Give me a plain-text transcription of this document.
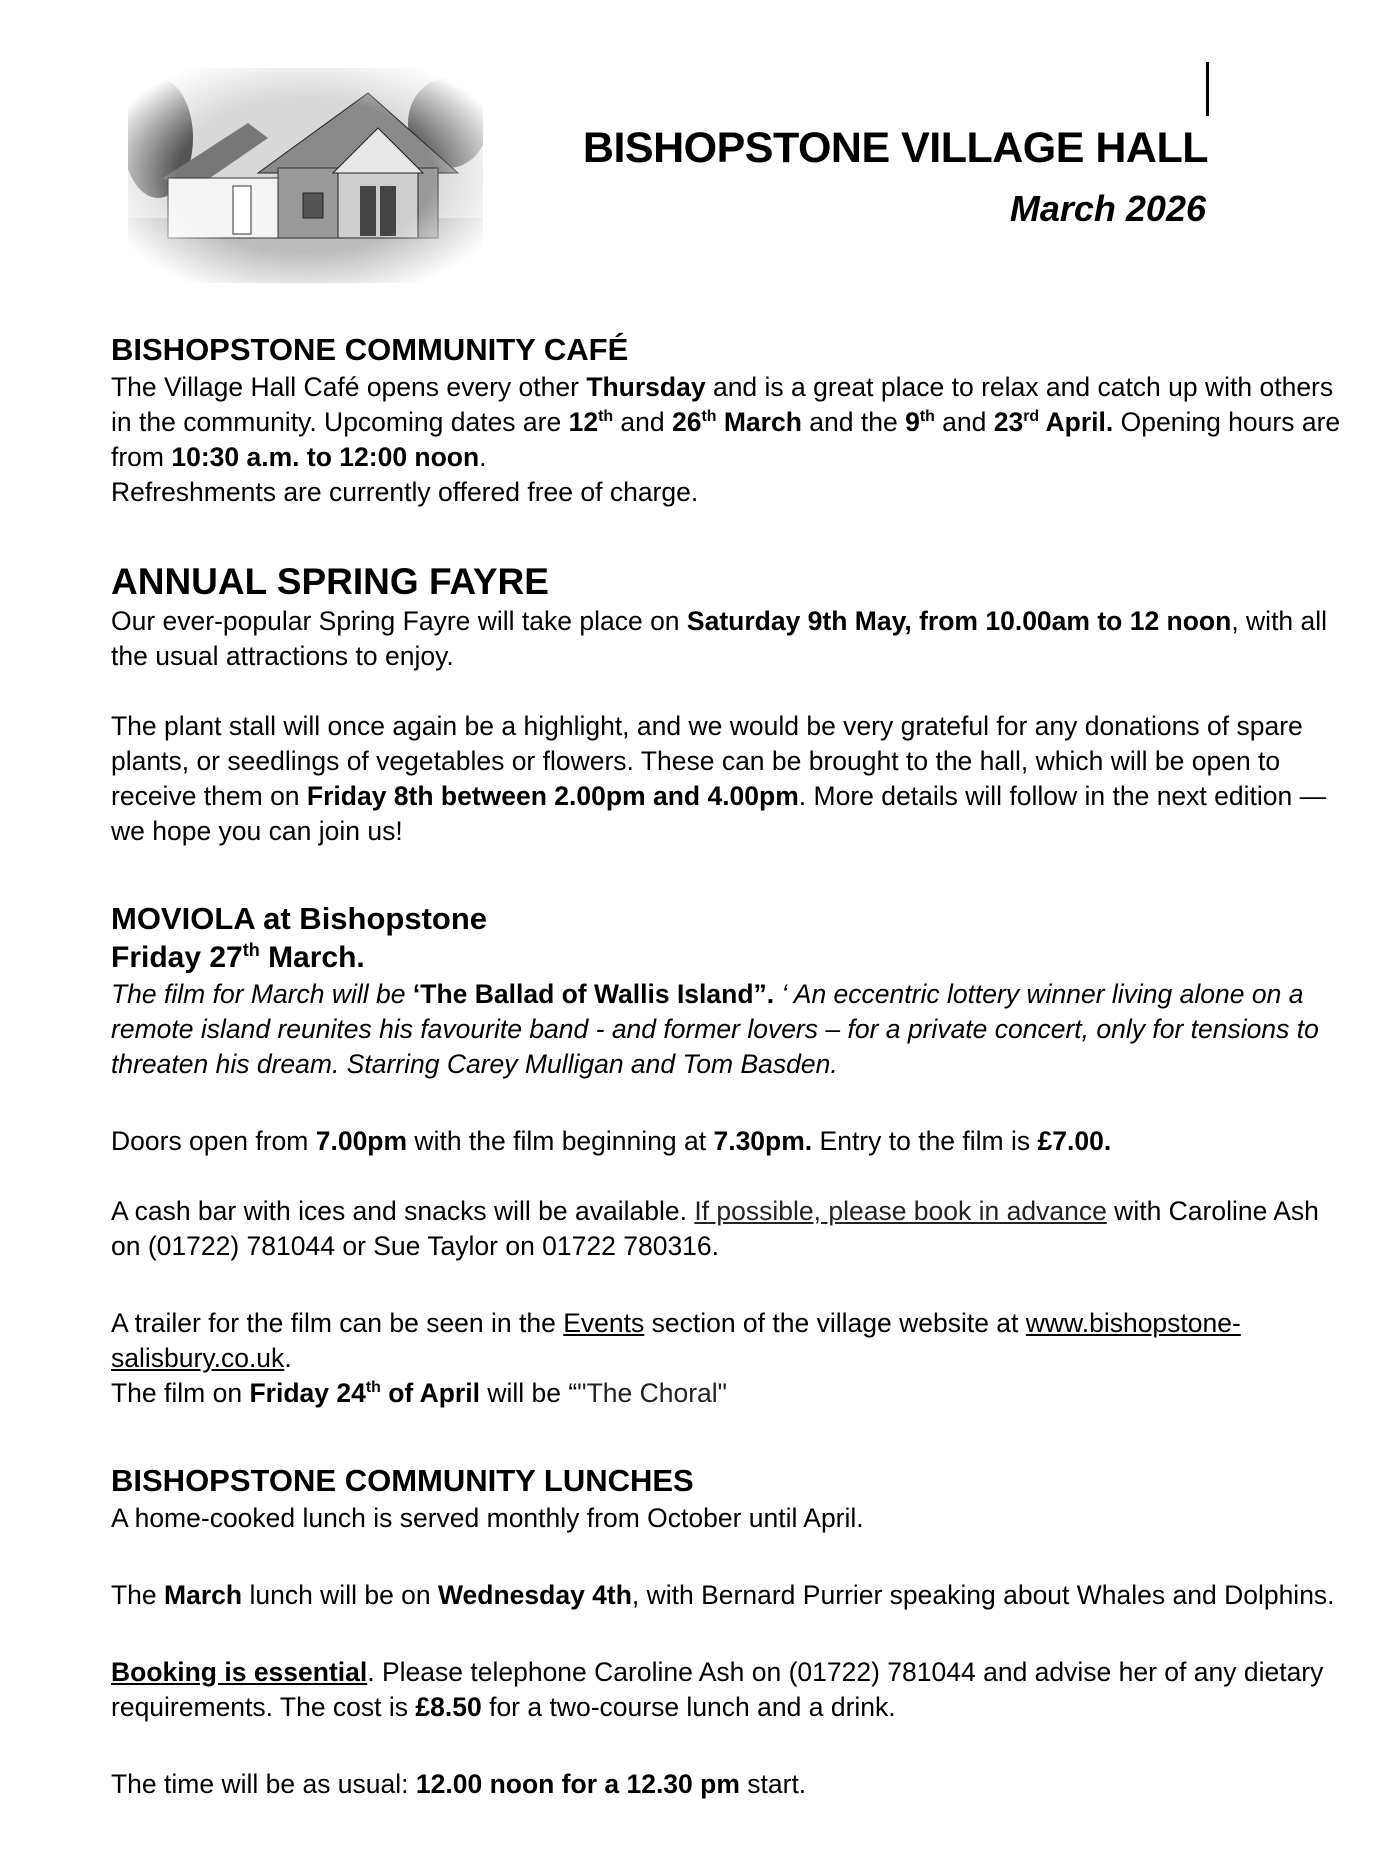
BISHOPSTONE VILLAGE HALL
March 2026
BISHOPSTONE COMMUNITY CAFÉ

The Village Hall Café opens every other Thursday and is a great place to relax and catch up with others in the community. Upcoming dates are 12th and 26th March and the 9th and 23rd April. Opening hours are from 10:30 a.m. to 12:00 noon.

Refreshments are currently offered free of charge.

ANNUAL SPRING FAYRE

Our ever-popular Spring Fayre will take place on Saturday 9th May, from 10.00am to 12 noon, with all the usual attractions to enjoy.

The plant stall will once again be a highlight, and we would be very grateful for any donations of spare plants, or seedlings of vegetables or flowers. These can be brought to the hall, which will be open to receive them on Friday 8th between 2.00pm and 4.00pm. More details will follow in the next edition — we hope you can join us!

MOVIOLA at Bishopstone
Friday 27th March.

The film for March will be ‘The Ballad of Wallis Island”. ‘ An eccentric lottery winner living alone on a remote island reunites his favourite band - and former lovers – for a private concert, only for tensions to threaten his dream. Starring Carey Mulligan and Tom Basden.

Doors open from 7.00pm with the film beginning at 7.30pm. Entry to the film is £7.00.

A cash bar with ices and snacks will be available. If possible, please book in advance with Caroline Ash on (01722) 781044 or Sue Taylor on 01722 780316.

A trailer for the film can be seen in the Events section of the village website at www.bishopstone-salisbury.co.uk.

The film on Friday 24th of April will be “"The Choral"

BISHOPSTONE COMMUNITY LUNCHES

A home-cooked lunch is served monthly from October until April.

The March lunch will be on Wednesday 4th, with Bernard Purrier speaking about Whales and Dolphins.

Booking is essential. Please telephone Caroline Ash on (01722) 781044 and advise her of any dietary requirements. The cost is £8.50 for a two-course lunch and a drink.

The time will be as usual: 12.00 noon for a 12.30 pm start.
